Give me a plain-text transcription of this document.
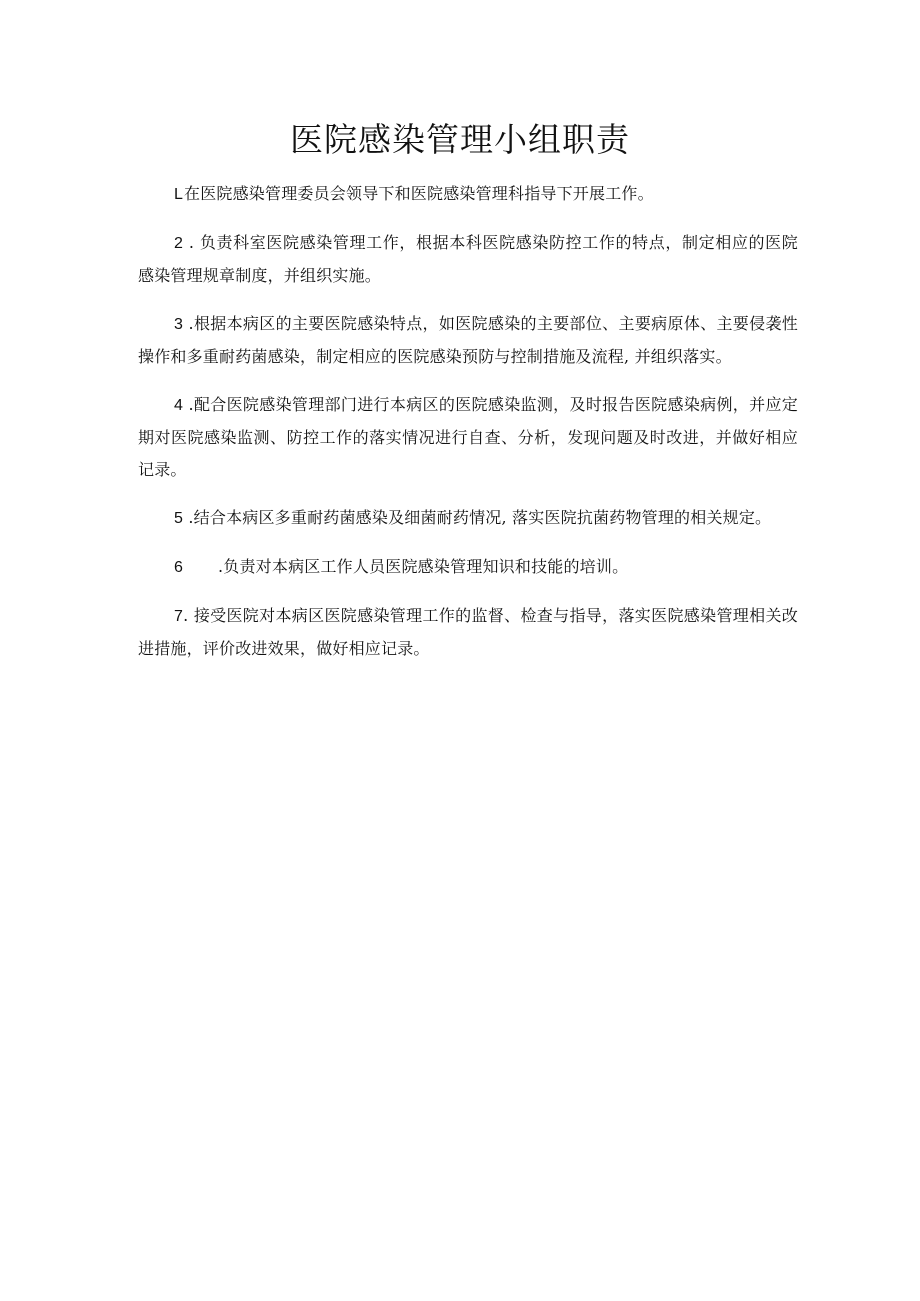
医院感染管理小组职责

L在医院感染管理委员会领导下和医院感染管理科指导下开展工作。

2 . 负责科室医院感染管理工作，根据本科医院感染防控工作的特点，制定相应的医院感染管理规章制度，并组织实施。

3 .根据本病区的主要医院感染特点，如医院感染的主要部位、主要病原体、主要侵袭性操作和多重耐药菌感染，制定相应的医院感染预防与控制措施及流程, 并组织落实。

4 .配合医院感染管理部门进行本病区的医院感染监测，及时报告医院感染病例，并应定期对医院感染监测、防控工作的落实情况进行自查、分析，发现问题及时改进，并做好相应记录。

5 .结合本病区多重耐药菌感染及细菌耐药情况, 落实医院抗菌药物管理的相关规定。

6 .负责对本病区工作人员医院感染管理知识和技能的培训。

7. 接受医院对本病区医院感染管理工作的监督、检查与指导，落实医院感染管理相关改进措施，评价改进效果，做好相应记录。
